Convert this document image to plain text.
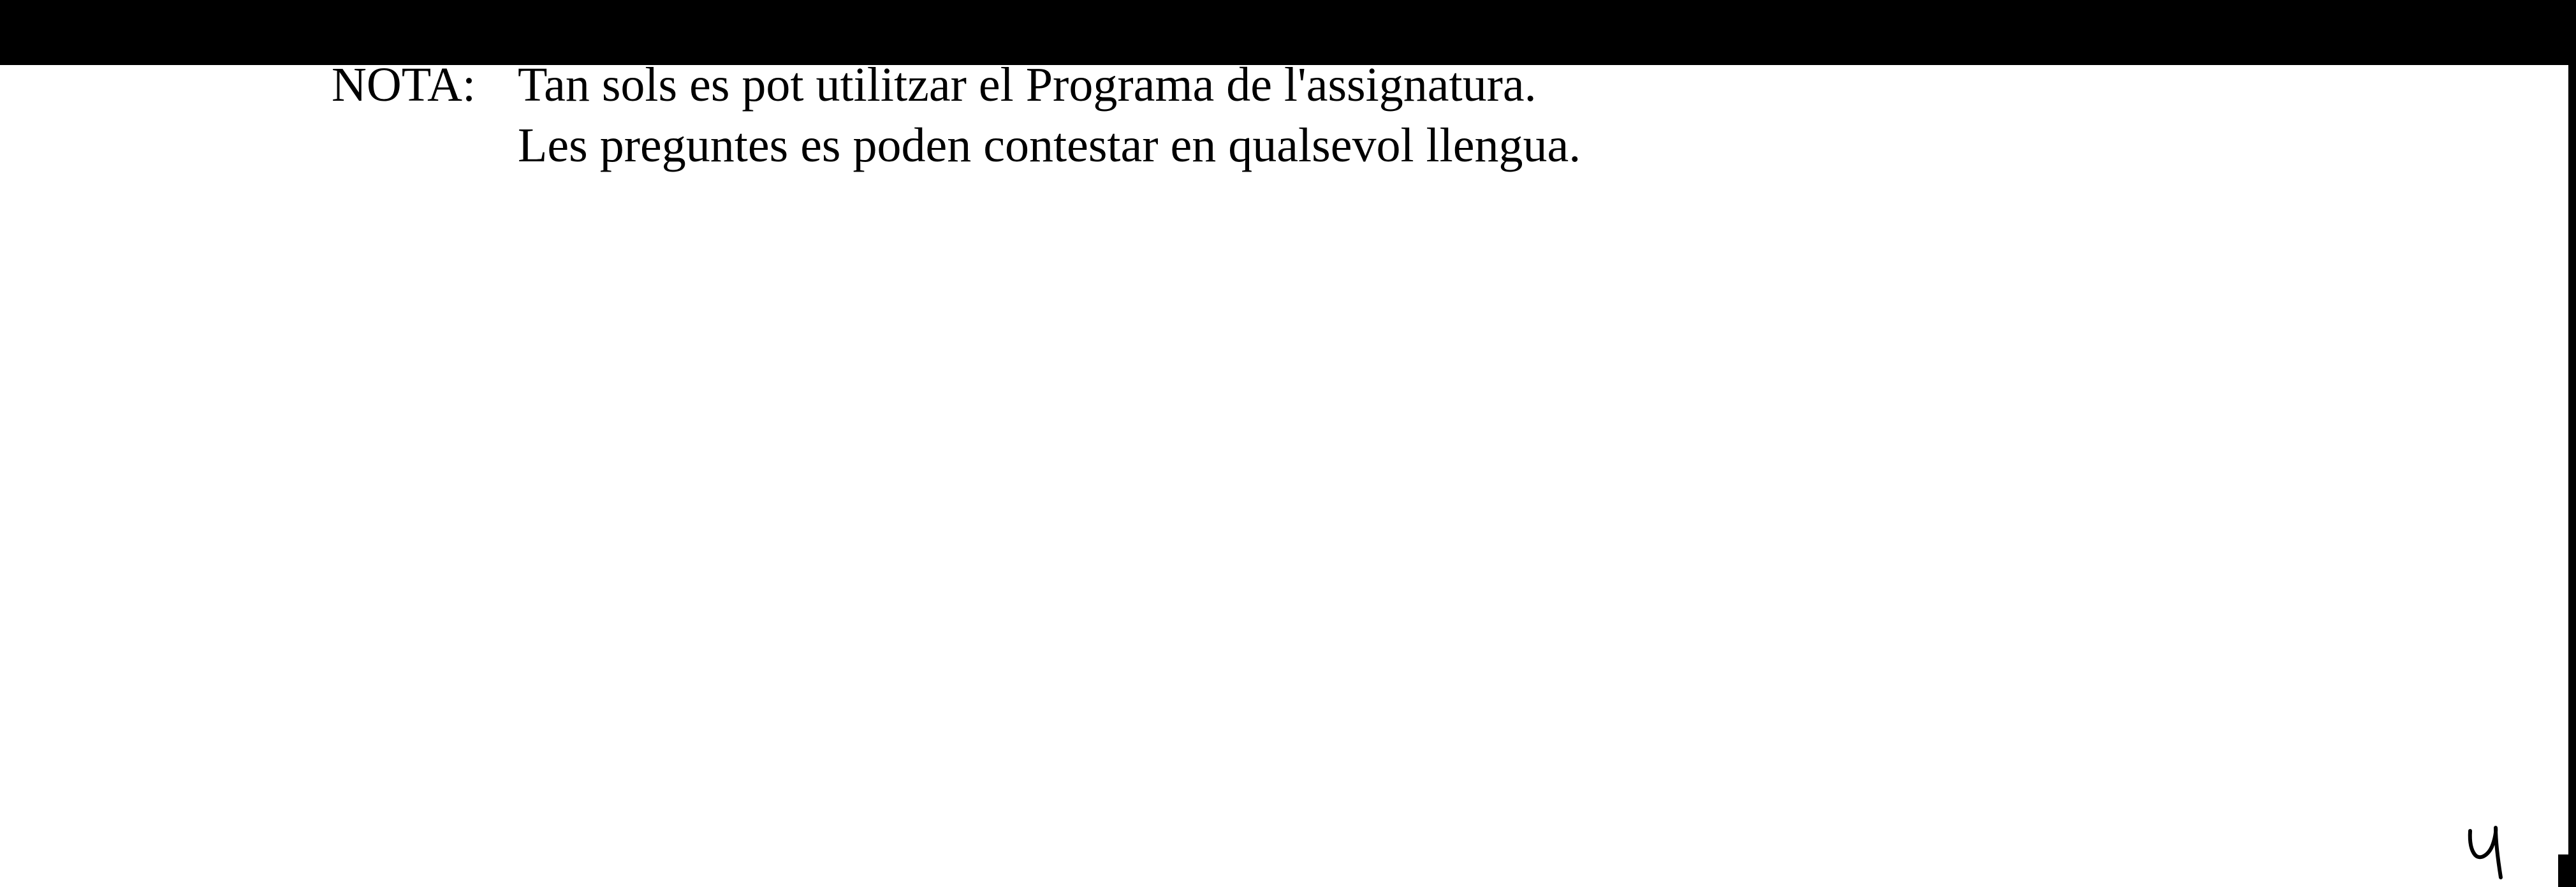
NOTA: Tan sols es pot utilitzar el Programa de l'assignatura.
Les preguntes es poden contestar en qualsevol llengua.
